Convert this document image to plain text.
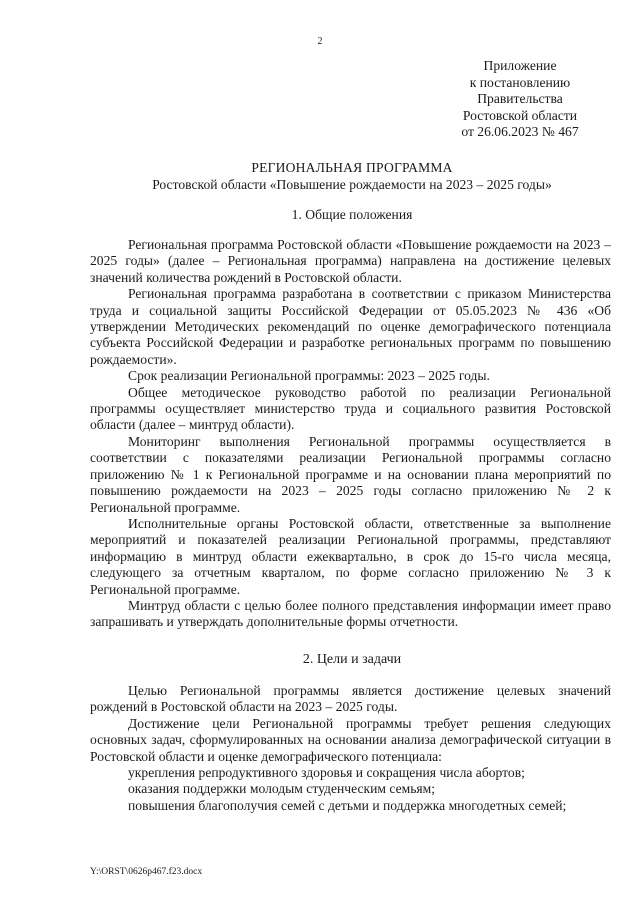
2
Приложение
к постановлению
Правительства
Ростовской области
от 26.06.2023 № 467
РЕГИОНАЛЬНАЯ ПРОГРАММА
Ростовской области «Повышение рождаемости на 2023 – 2025 годы»
1. Общие положения

Региональная программа Ростовской области «Повышение рождаемости на 2023 – 2025 годы» (далее – Региональная программа) направлена на достижение целевых значений количества рождений в Ростовской области.

Региональная программа разработана в соответствии с приказом Министерства труда и социальной защиты Российской Федерации от 05.05.2023 № 436 «Об утверждении Методических рекомендаций по оценке демографического потенциала субъекта Российской Федерации и разработке региональных программ по повышению рождаемости».

Срок реализации Региональной программы: 2023 – 2025 годы.

Общее методическое руководство работой по реализации Региональной программы осуществляет министерство труда и социального развития Ростовской области (далее – минтруд области).

Мониторинг выполнения Региональной программы осуществляется в соответствии с показателями реализации Региональной программы согласно приложению № 1 к Региональной программе и на основании плана мероприятий по повышению рождаемости на 2023 – 2025 годы согласно приложению № 2 к Региональной программе.

Исполнительные органы Ростовской области, ответственные за выполнение мероприятий и показателей реализации Региональной программы, представляют информацию в минтруд области ежеквартально, в срок до 15-го числа месяца, следующего за отчетным кварталом, по форме согласно приложению № 3 к Региональной программе.

Минтруд области с целью более полного представления информации имеет право запрашивать и утверждать дополнительные формы отчетности.

2. Цели и задачи

Целью Региональной программы является достижение целевых значений рождений в Ростовской области на 2023 – 2025 годы.

Достижение цели Региональной программы требует решения следующих основных задач, сформулированных на основании анализа демографической ситуации в Ростовской области и оценке демографического потенциала:

укрепления репродуктивного здоровья и сокращения числа абортов;

оказания поддержки молодым студенческим семьям;

повышения благополучия семей с детьми и поддержка многодетных семей;

Y:\ORST\0626p467.f23.docx
